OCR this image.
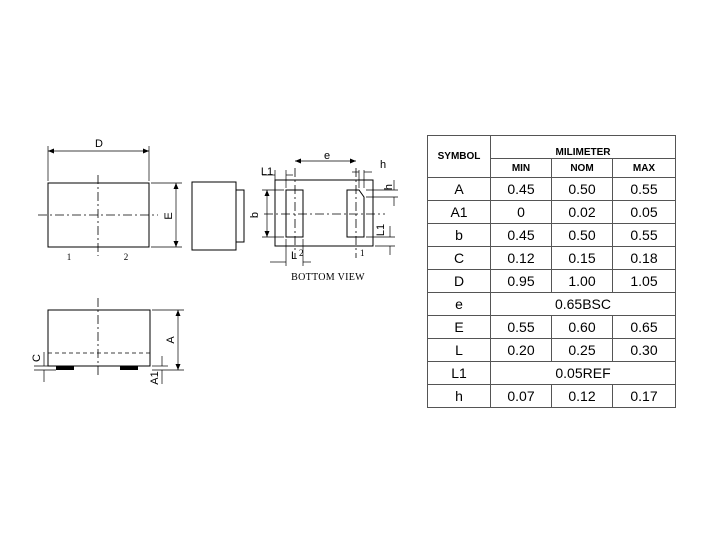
D
E
1	2
e
h
h
L1
L1
b
L 2	1
BOTTOM VIEW
A
A1
C
SYMBOL	MILIMETER		
	MIN	NOM	MAX
A	0.45	0.50	0.55
A1	0	0.02	0.05
b	0.45	0.50	0.55
C	0.12	0.15	0.18
D	0.95	1.00	1.05
e	0.65BSC		
E	0.55	0.60	0.65
L	0.20	0.25	0.30
L1	0.05REF		
h	0.07	0.12	0.17
